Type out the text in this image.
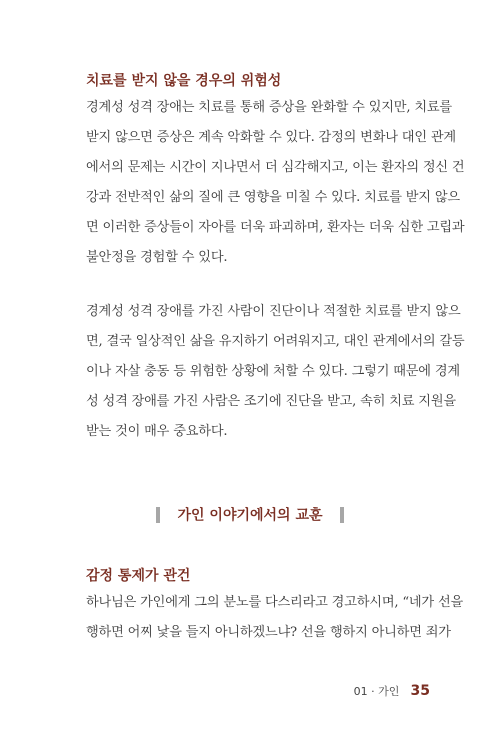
치료를 받지 않을 경우의 위험성
경계성 성격 장애는 치료를 통해 증상을 완화할 수 있지만, 치료를
받지 않으면 증상은 계속 악화할 수 있다. 감정의 변화나 대인 관계
에서의 문제는 시간이 지나면서 더 심각해지고, 이는 환자의 정신 건
강과 전반적인 삶의 질에 큰 영향을 미칠 수 있다. 치료를 받지 않으
면 이러한 증상들이 자아를 더욱 파괴하며, 환자는 더욱 심한 고립과
불안정을 경험할 수 있다.
경계성 성격 장애를 가진 사람이 진단이나 적절한 치료를 받지 않으
면, 결국 일상적인 삶을 유지하기 어려워지고, 대인 관계에서의 갈등
이나 자살 충동 등 위험한 상황에 처할 수 있다. 그렇기 때문에 경계
성 성격 장애를 가진 사람은 조기에 진단을 받고, 속히 치료 지원을
받는 것이 매우 중요하다.
가인 이야기에서의 교훈
감정 통제가 관건
하나님은 가인에게 그의 분노를 다스리라고 경고하시며, “네가 선을
행하면 어찌 낯을 들지 아니하겠느냐? 선을 행하지 아니하면 죄가
01 · 가인 35
